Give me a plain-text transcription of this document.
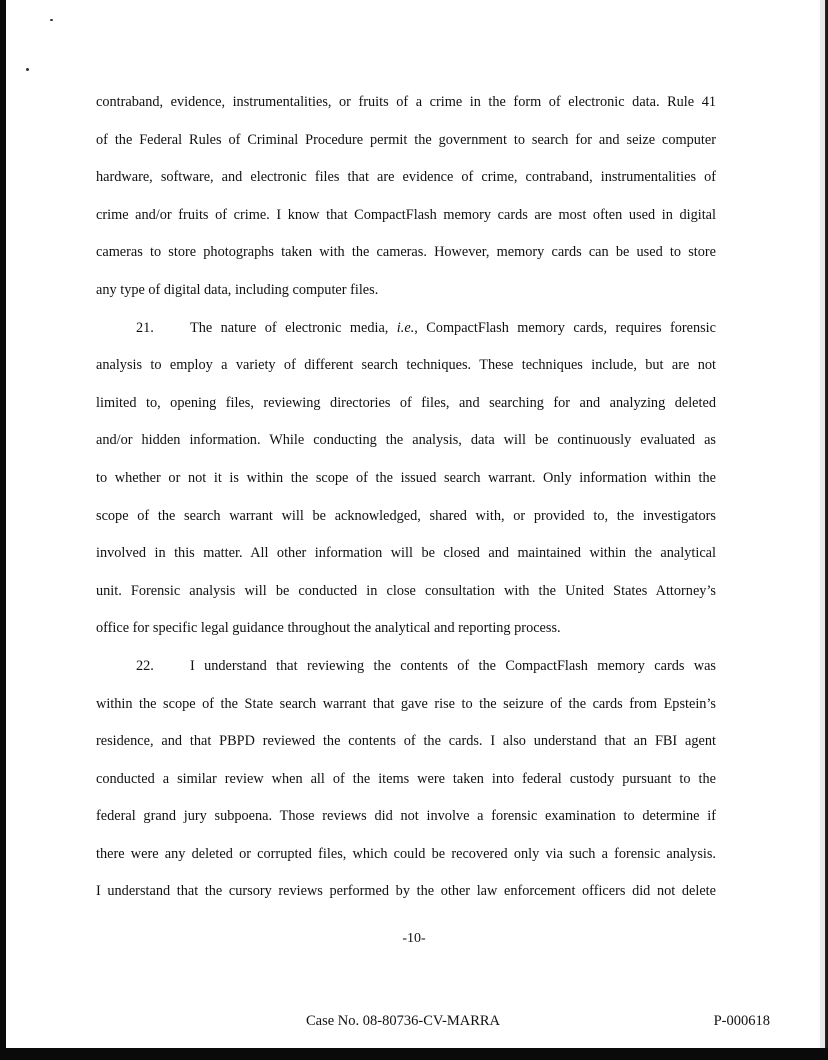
contraband, evidence, instrumentalities, or fruits of a crime in the form of electronic data. Rule 41
of the Federal Rules of Criminal Procedure permit the government to search for and seize computer
hardware, software, and electronic files that are evidence of crime, contraband, instrumentalities of
crime and/or fruits of crime. I know that CompactFlash memory cards are most often used in digital
cameras to store photographs taken with the cameras. However, memory cards can be used to store
any type of digital data, including computer files.
21.	The nature of electronic media, i.e., CompactFlash memory cards, requires forensic
analysis to employ a variety of different search techniques. These techniques include, but are not
limited to, opening files, reviewing directories of files, and searching for and analyzing deleted
and/or hidden information. While conducting the analysis, data will be continuously evaluated as
to whether or not it is within the scope of the issued search warrant. Only information within the
scope of the search warrant will be acknowledged, shared with, or provided to, the investigators
involved in this matter. All other information will be closed and maintained within the analytical
unit. Forensic analysis will be conducted in close consultation with the United States Attorney’s
office for specific legal guidance throughout the analytical and reporting process.
22.	I understand that reviewing the contents of the CompactFlash memory cards was
within the scope of the State search warrant that gave rise to the seizure of the cards from Epstein’s
residence, and that PBPD reviewed the contents of the cards. I also understand that an FBI agent
conducted a similar review when all of the items were taken into federal custody pursuant to the
federal grand jury subpoena. Those reviews did not involve a forensic examination to determine if
there were any deleted or corrupted files, which could be recovered only via such a forensic analysis.
I understand that the cursory reviews performed by the other law enforcement officers did not delete
-10-
Case No. 08-80736-CV-MARRA	P-000618
